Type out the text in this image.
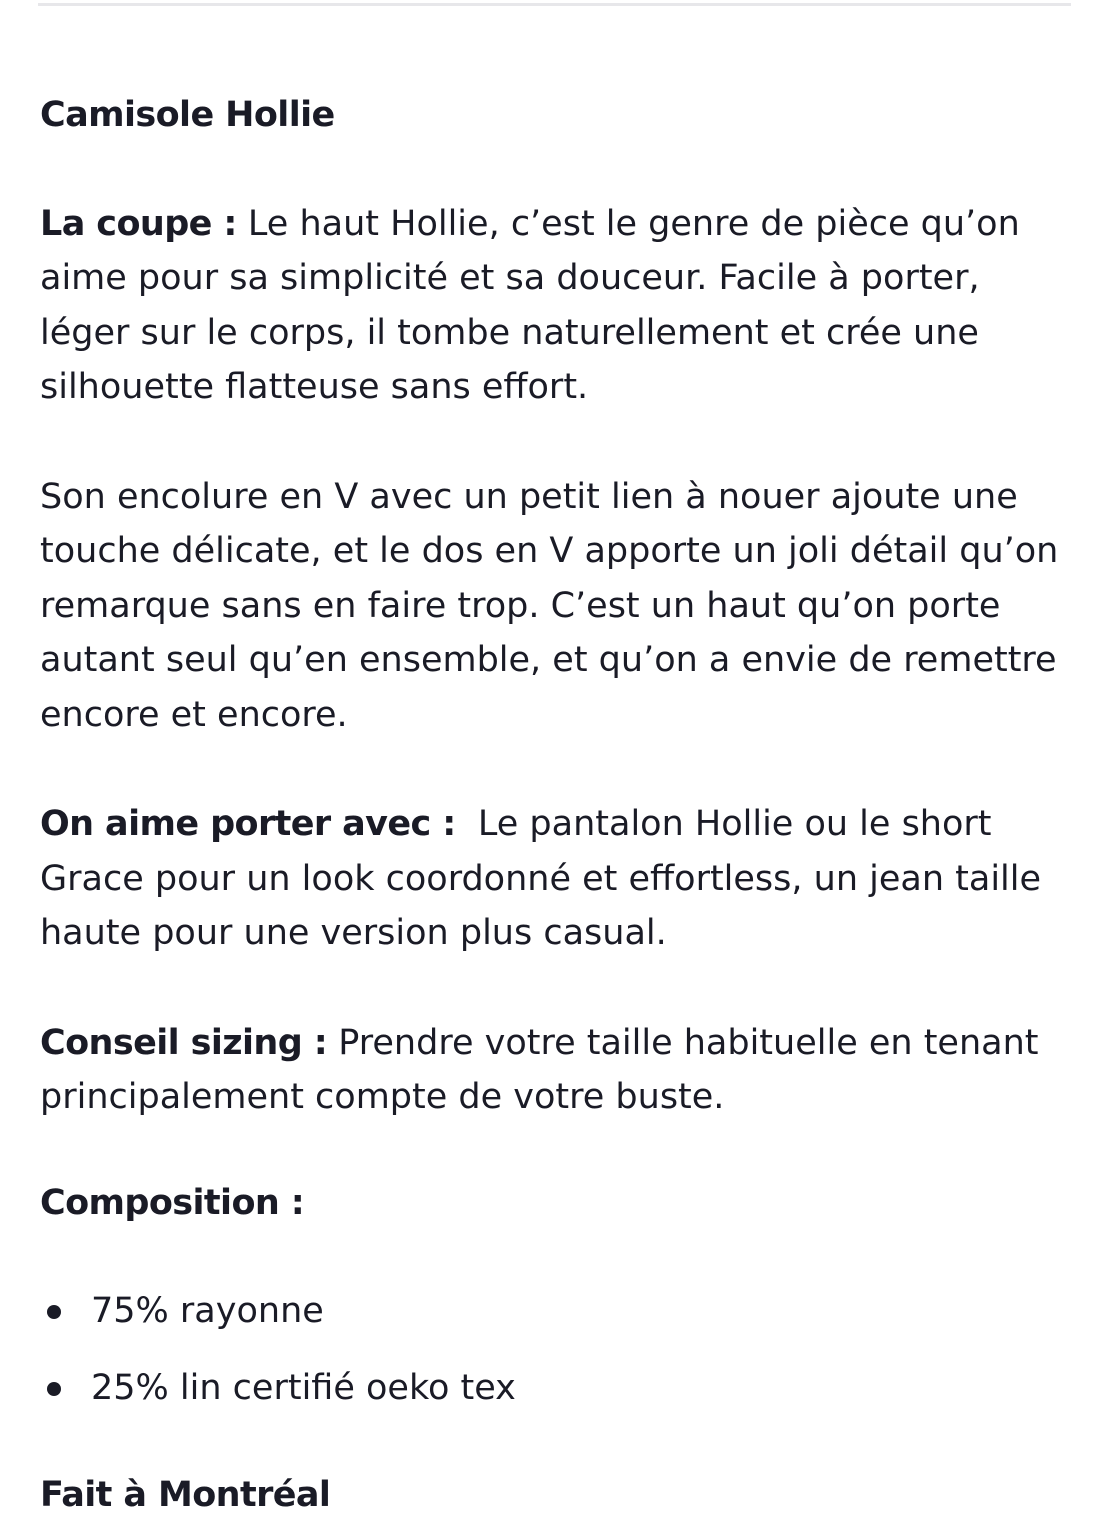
Camisole Hollie

La coupe : Le haut Hollie, c’est le genre de pièce qu’on aime pour sa simplicité et sa douceur. Facile à porter, léger sur le corps, il tombe naturellement et crée une silhouette flatteuse sans effort.

Son encolure en V avec un petit lien à nouer ajoute une touche délicate, et le dos en V apporte un joli détail qu’on remarque sans en faire trop. C’est un haut qu’on porte autant seul qu’en ensemble, et qu’on a envie de remettre encore et encore.

On aime porter avec :  Le pantalon Hollie ou le short Grace pour un look coordonné et effortless, un jean taille haute pour une version plus casual.

Conseil sizing : Prendre votre taille habituelle en tenant principalement compte de votre buste.

Composition :

75% rayonne
25% lin certifié oeko tex

Fait à Montréal
